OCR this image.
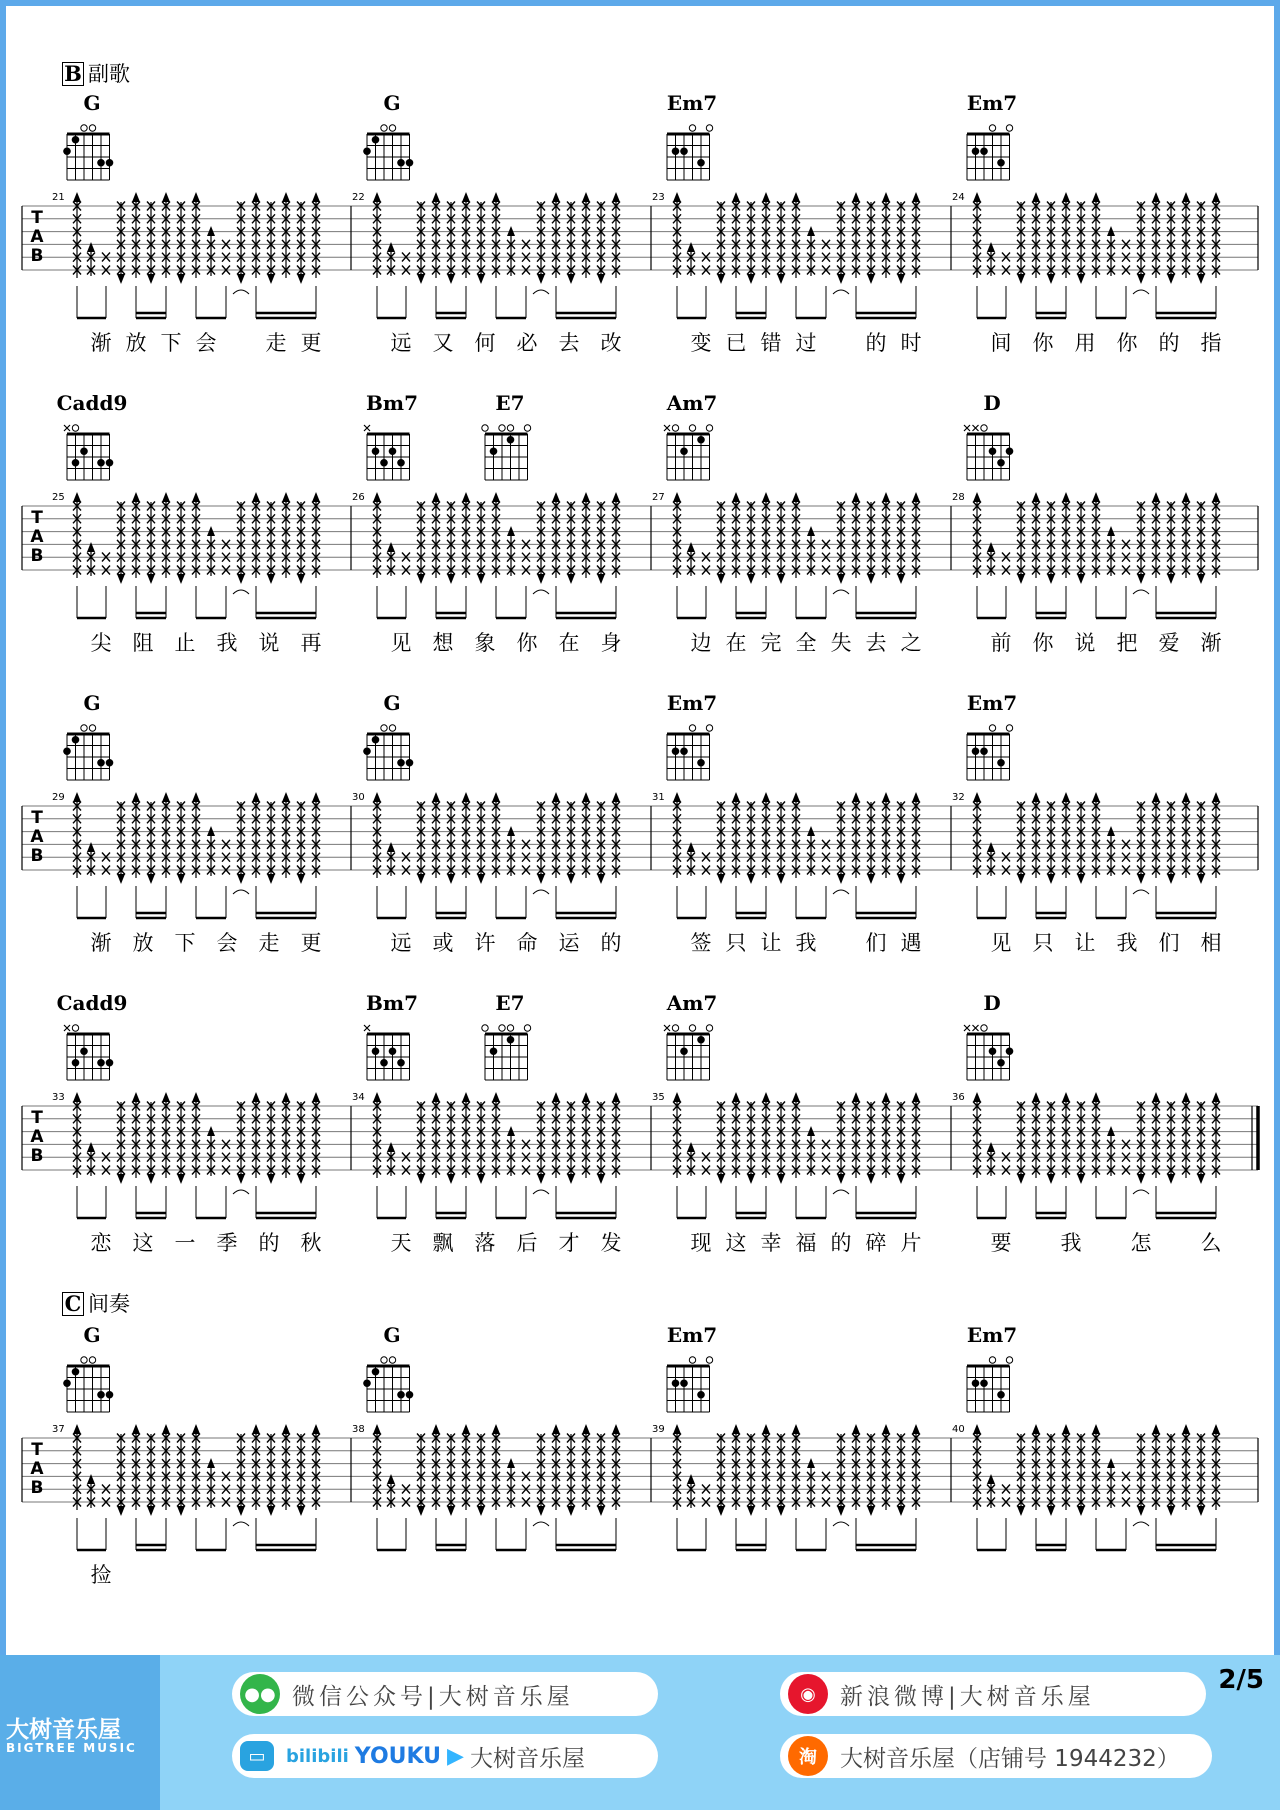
B 副歌
C 间奏
T
A
B
21
渐 放 下 会 走 更
22
远 又 何 必 去 改
23
变 已 错 过 的 时
24
间 你 用 你 的 指
G	G	Em7	Em7
T
A
B
25
尖 阻 止 我 说 再
26
见 想 象 你 在 身
27
边 在 完 全 失 去 之
28
前 你 说 把 爱 渐
Cadd9	Bm7	E7	Am7	D
T
A
B
29
渐 放 下 会 走 更
30
远 或 许 命 运 的
31
签 只 让 我 们 遇
32
见 只 让 我 们 相
G	G	Em7	Em7
T
A
B
33
恋 这 一 季 的 秋
34
天 飘 落 后 才 发
35
现 这 幸 福 的 碎 片
36
要 我 怎 么
Cadd9	Bm7	E7	Am7	D
T
A
B
37
捡
38	39	40
G	G	Em7	Em7
大树音乐屋
BIGTREE MUSIC
●● 微信公众号|大树音乐屋	◉	新浪微博|大树音乐屋
▭	bilibili YOUKU ▶ 大树音乐屋	淘	大树音乐屋（店铺号 1944232）
2/5
